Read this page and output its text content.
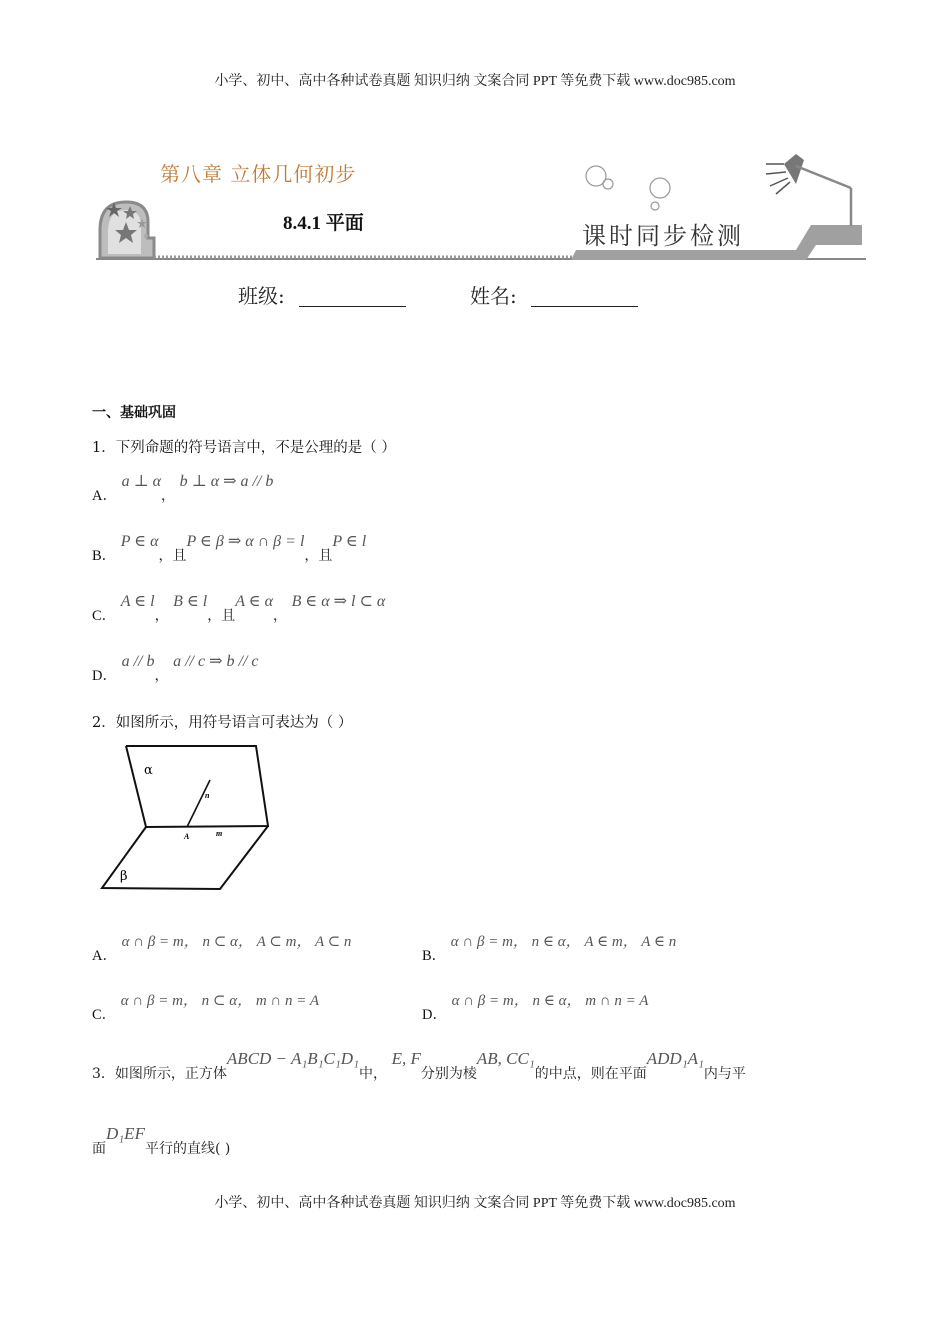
小学、初中、高中各种试卷真题 知识归纳 文案合同 PPT 等免费下载 www.doc985.com
第八章 立体几何初步
8.4.1 平面	课时同步检测
班级:	姓名:
一、基础巩固
1．下列命题的符号语言中，不是公理的是（ ）
A． a ⊥ α， b ⊥ α ⇒ a // b
B． P ∈ α，且P ∈ β ⇒ α ∩ β = l，且P ∈ l
C． A ∈ l， B ∈ l，且A ∈ α， B ∈ α ⇒ l ⊂ α
D． a // b， a // c ⇒ b // c
2．如图所示，用符号语言可表达为（ ）
α
β
n
m
A
A． α ∩ β = m， n ⊂ α， A ⊂ m， A ⊂ n
B． α ∩ β = m， n ∈ α， A ∈ m， A ∈ n
C． α ∩ β = m， n ⊂ α， m ∩ n = A
D． α ∩ β = m， n ∈ α， m ∩ n = A
3．如图所示，正方体ABCD − A₁B₁C₁D₁中， E, F分别为棱AB, CC₁的中点，则在平面ADD₁A₁内与平
面D₁EF平行的直线( )
小学、初中、高中各种试卷真题 知识归纳 文案合同 PPT 等免费下载 www.doc985.com
